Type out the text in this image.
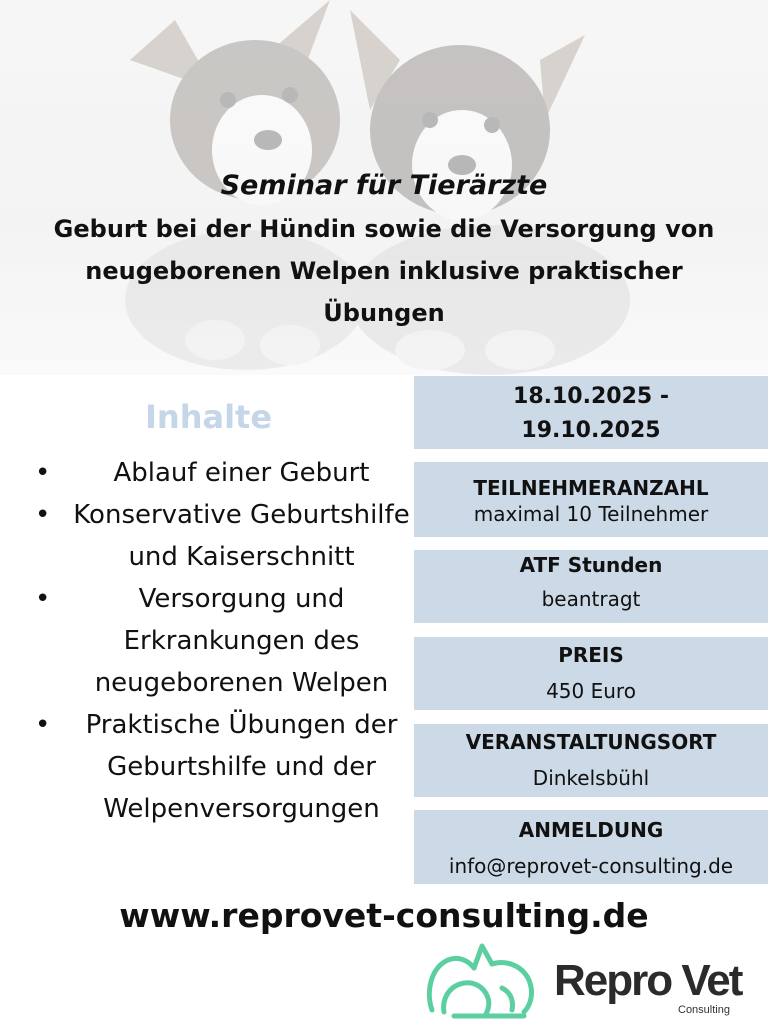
Seminar für Tierärzte
Geburt bei der Hündin sowie die Versorgung von neugeborenen Welpen inklusive praktischer Übungen
Inhalte
•	Ablauf einer Geburt
• Konservative Geburtshilfe und Kaiserschnitt
•	Versorgung und Erkrankungen des neugeborenen Welpen
•	Praktische Übungen der Geburtshilfe und der Welpenversorgungen
18.10.2025 - 19.10.2025
TEILNEHMERANZAHL
maximal 10 Teilnehmer
ATF Stunden
beantragt
PREIS
450 Euro
VERANSTALTUNGSORT
Dinkelsbühl
ANMELDUNG
info@reprovet-consulting.de
www.reprovet-consulting.de
Repro Vet
Consulting
